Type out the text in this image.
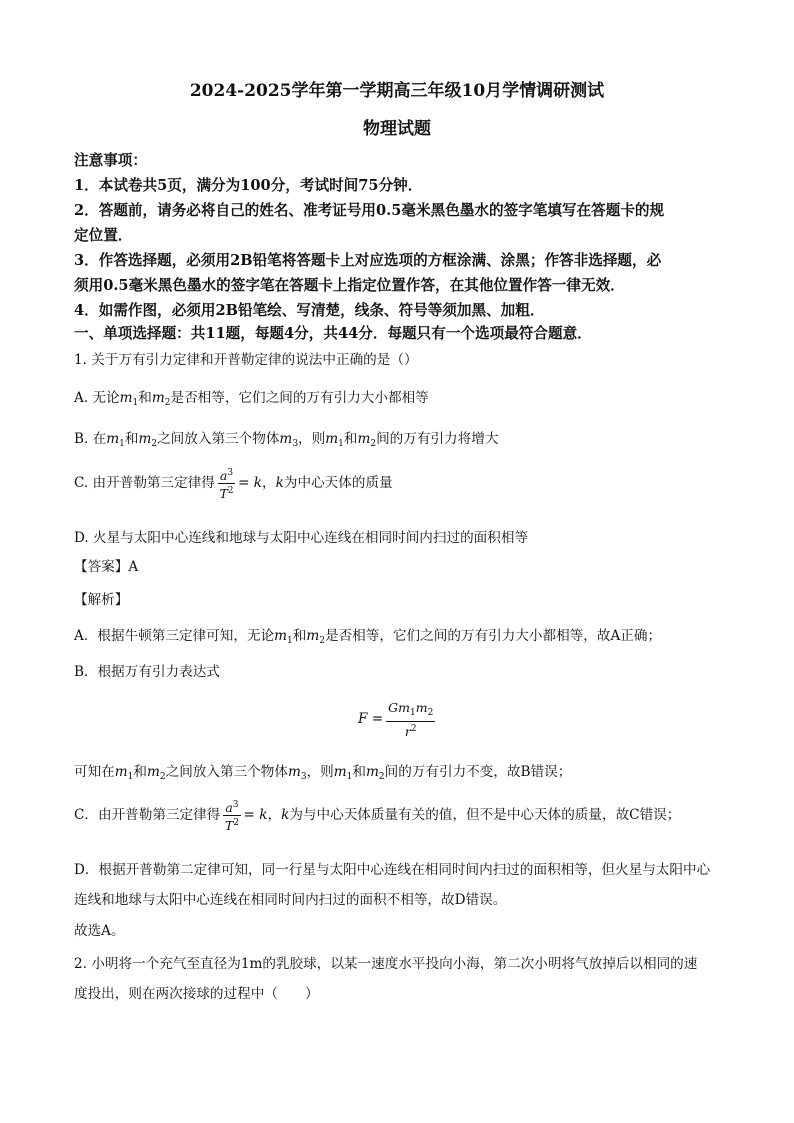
2024-2025学年第一学期高三年级10月学情调研测试
物理试题
注意事项：
1．本试卷共5页，满分为100分，考试时间75分钟．
2．答题前，请务必将自己的姓名、准考证号用0.5毫米黑色墨水的签字笔填写在答题卡的规
定位置．
3．作答选择题，必须用2B铅笔将答题卡上对应选项的方框涂满、涂黑；作答非选择题，必
须用0.5毫米黑色墨水的签字笔在答题卡上指定位置作答，在其他位置作答一律无效．
4．如需作图，必须用2B铅笔绘、写清楚，线条、符号等须加黑、加粗．
一、单项选择题：共11题，每题4分，共44分．每题只有一个选项最符合题意．
1. 关于万有引力定律和开普勒定律的说法中正确的是（）
A. 无论$m_1$和$m_2$是否相等，它们之间的万有引力大小都相等
B. 在$m_1$和$m_2$之间放入第三个物体$m_3$，则$m_1$和$m_2$间的万有引力将增大
C. 由开普勒第三定律得 $\frac{a^3}{T^2} = k$，k为中心天体的质量
D. 火星与太阳中心连线和地球与太阳中心连线在相同时间内扫过的面积相等
【答案】A
【解析】
A．根据牛顿第三定律可知，无论$m_1$和$m_2$是否相等，它们之间的万有引力大小都相等，故A正确；
B．根据万有引力表达式
$F = \frac{Gm_1m_2}{r^2}$
可知在$m_1$和$m_2$之间放入第三个物体$m_3$，则$m_1$和$m_2$间的万有引力不变，故B错误；
C．由开普勒第三定律得 $\frac{a^3}{T^2} = k$，k为与中心天体质量有关的值，但不是中心天体的质量，故C错误；
D．根据开普勒第二定律可知，同一行星与太阳中心连线在相同时间内扫过的面积相等，但火星与太阳中心
连线和地球与太阳中心连线在相同时间内扫过的面积不相等，故D错误。
故选A。
2. 小明将一个充气至直径为1m的乳胶球，以某一速度水平投向小海，第二次小明将气放掉后以相同的速
度投出，则在两次接球的过程中（　　）
